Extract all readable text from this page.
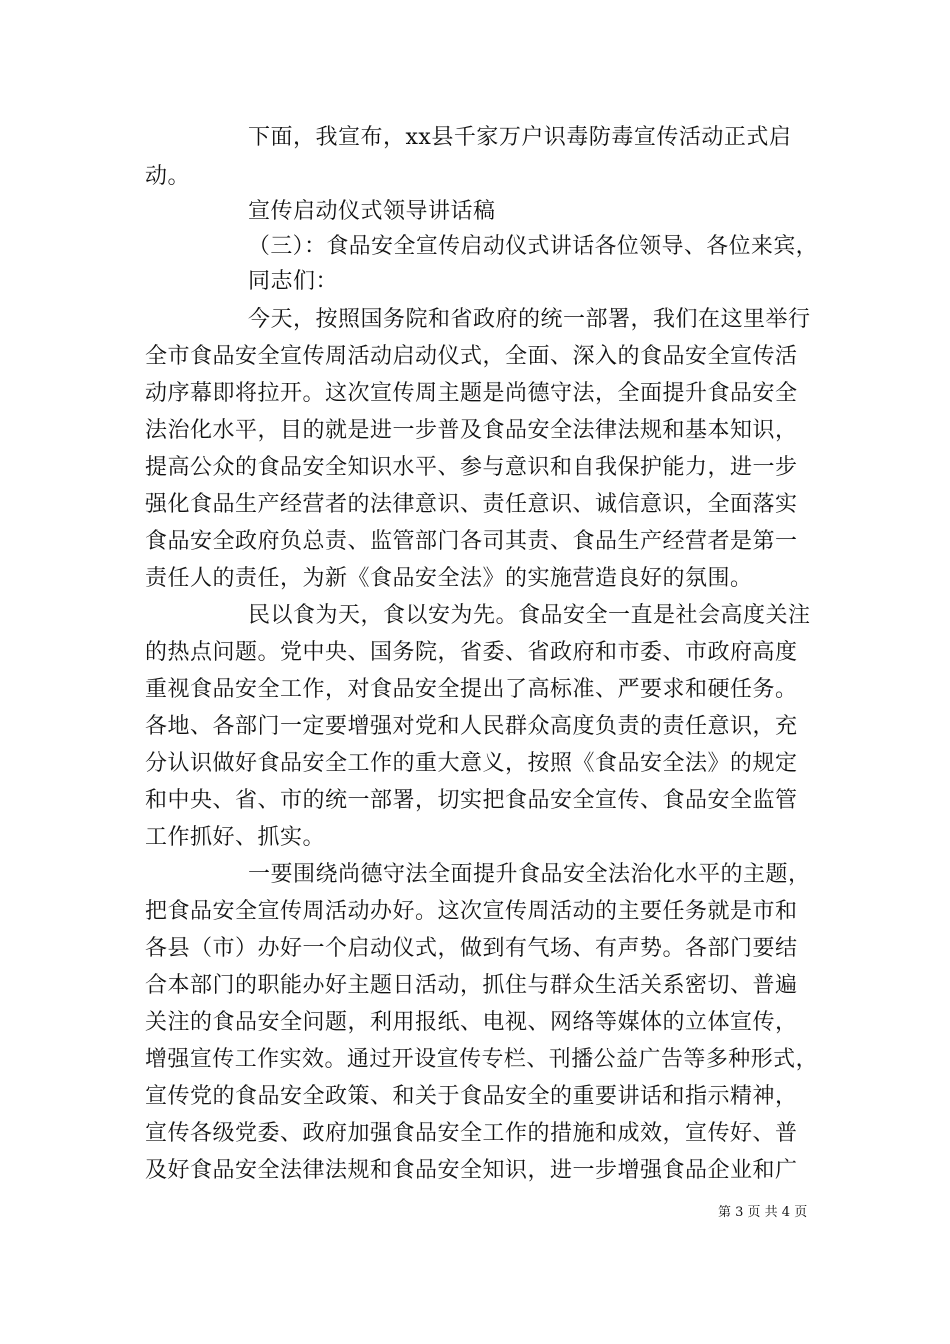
下面，我宣布，xx县千家万户识毒防毒宣传活动正式启
动。
宣传启动仪式领导讲话稿
（三）：食品安全宣传启动仪式讲话各位领导、各位来宾，
同志们：
今天，按照国务院和省政府的统一部署，我们在这里举行
全市食品安全宣传周活动启动仪式，全面、深入的食品安全宣传活
动序幕即将拉开。这次宣传周主题是尚德守法，全面提升食品安全
法治化水平，目的就是进一步普及食品安全法律法规和基本知识，
提高公众的食品安全知识水平、参与意识和自我保护能力，进一步
强化食品生产经营者的法律意识、责任意识、诚信意识，全面落实
食品安全政府负总责、监管部门各司其责、食品生产经营者是第一
责任人的责任，为新《食品安全法》的实施营造良好的氛围。
民以食为天，食以安为先。食品安全一直是社会高度关注
的热点问题。党中央、国务院，省委、省政府和市委、市政府高度
重视食品安全工作，对食品安全提出了高标准、严要求和硬任务。
各地、各部门一定要增强对党和人民群众高度负责的责任意识，充
分认识做好食品安全工作的重大意义，按照《食品安全法》的规定
和中央、省、市的统一部署，切实把食品安全宣传、食品安全监管
工作抓好、抓实。
一要围绕尚德守法全面提升食品安全法治化水平的主题，
把食品安全宣传周活动办好。这次宣传周活动的主要任务就是市和
各县（市）办好一个启动仪式，做到有气场、有声势。各部门要结
合本部门的职能办好主题日活动，抓住与群众生活关系密切、普遍
关注的食品安全问题，利用报纸、电视、网络等媒体的立体宣传，
增强宣传工作实效。通过开设宣传专栏、刊播公益广告等多种形式，
宣传党的食品安全政策、和关于食品安全的重要讲话和指示精神，
宣传各级党委、政府加强食品安全工作的措施和成效，宣传好、普
及好食品安全法律法规和食品安全知识，进一步增强食品企业和广
第 3 页 共 4 页
